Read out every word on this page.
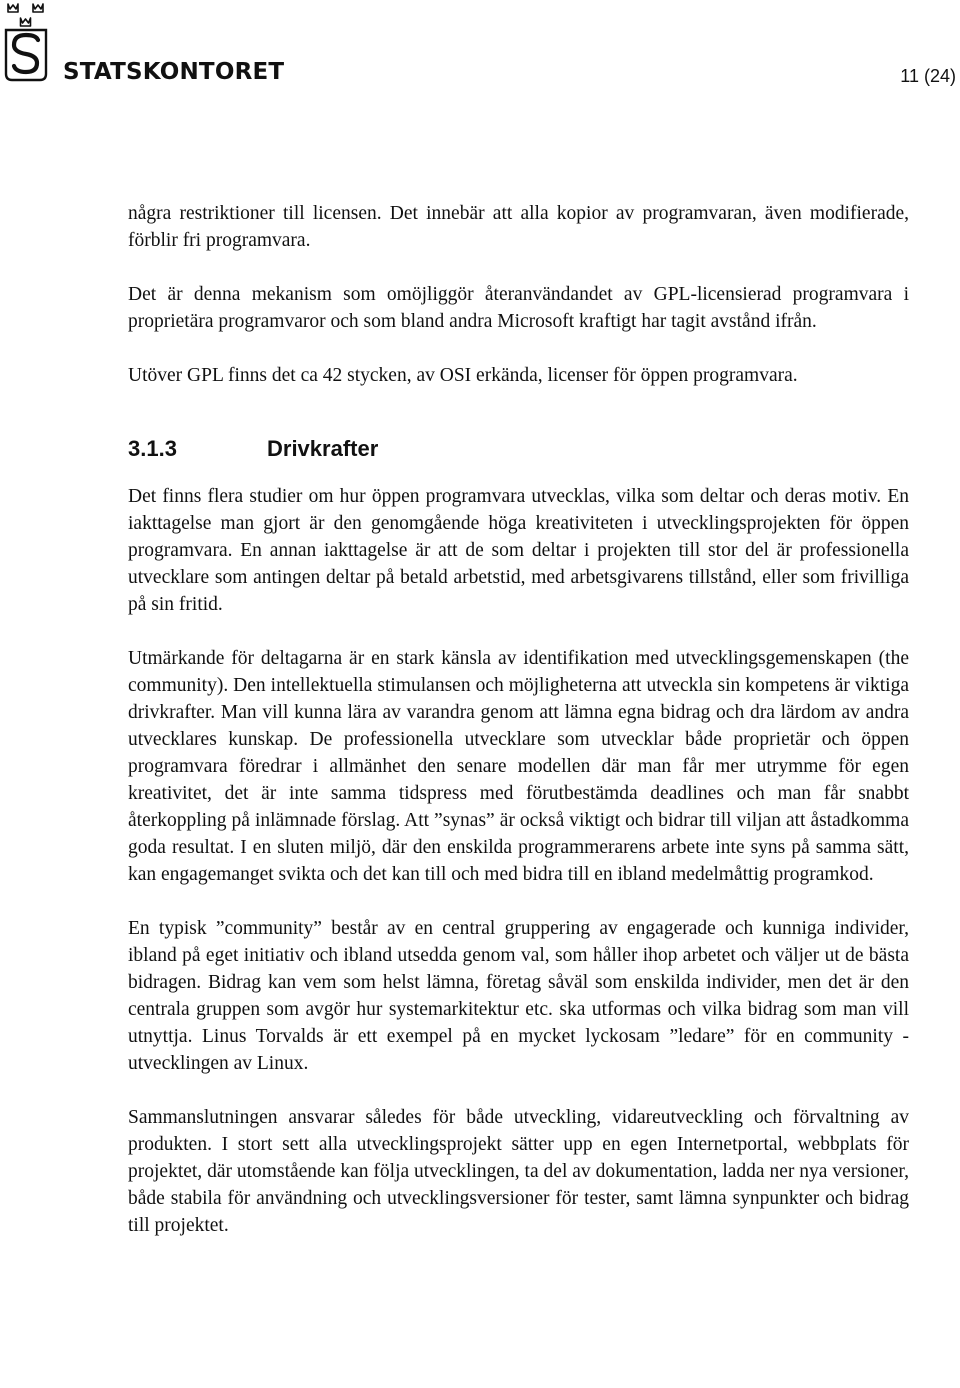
STATSKONTORET	11 (24)

några restriktioner till licensen. Det innebär att alla kopior av programvaran, även modifierade, förblir fri programvara.

Det är denna mekanism som omöjliggör återanvändandet av GPL-licensierad programvara i proprietära programvaror och som bland andra Microsoft kraftigt har tagit avstånd ifrån.

Utöver GPL finns det ca 42 stycken, av OSI erkända, licenser för öppen programvara.

3.1.3	Drivkrafter

Det finns flera studier om hur öppen programvara utvecklas, vilka som deltar och deras motiv. En iakttagelse man gjort är den genomgående höga kreativiteten i utvecklingsprojekten för öppen programvara. En annan iakttagelse är att de som deltar i projekten till stor del är professionella utvecklare som antingen deltar på betald arbetstid, med arbetsgivarens tillstånd, eller som frivilliga på sin fritid.

Utmärkande för deltagarna är en stark känsla av identifikation med utvecklingsgemenskapen (the community). Den intellektuella stimulansen och möjligheterna att utveckla sin kompetens är viktiga drivkrafter. Man vill kunna lära av varandra genom att lämna egna bidrag och dra lärdom av andra utvecklares kunskap. De professionella utvecklare som utvecklar både proprietär och öppen programvara föredrar i allmänhet den senare modellen där man får mer utrymme för egen kreativitet, det är inte samma tidspress med förutbestämda deadlines och man får snabbt återkoppling på inlämnade förslag. Att ”synas” är också viktigt och bidrar till viljan att åstadkomma goda resultat. I en sluten miljö, där den enskilda programmerarens arbete inte syns på samma sätt, kan engagemanget svikta och det kan till och med bidra till en ibland medelmåttig programkod.

En typisk ”community” består av en central gruppering av engagerade och kunniga individer, ibland på eget initiativ och ibland utsedda genom val, som håller ihop arbetet och väljer ut de bästa bidragen. Bidrag kan vem som helst lämna, företag såväl som enskilda individer, men det är den centrala gruppen som avgör hur systemarkitektur etc. ska utformas och vilka bidrag som man vill utnyttja. Linus Torvalds är ett exempel på en mycket lyckosam ”ledare” för en community - utvecklingen av Linux.

Sammanslutningen ansvarar således för både utveckling, vidareutveckling och förvaltning av produkten. I stort sett alla utvecklingsprojekt sätter upp en egen Internetportal, webbplats för projektet, där utomstående kan följa utvecklingen, ta del av dokumentation, ladda ner nya versioner, både stabila för användning och utvecklingsversioner för tester, samt lämna synpunkter och bidrag till projektet.
